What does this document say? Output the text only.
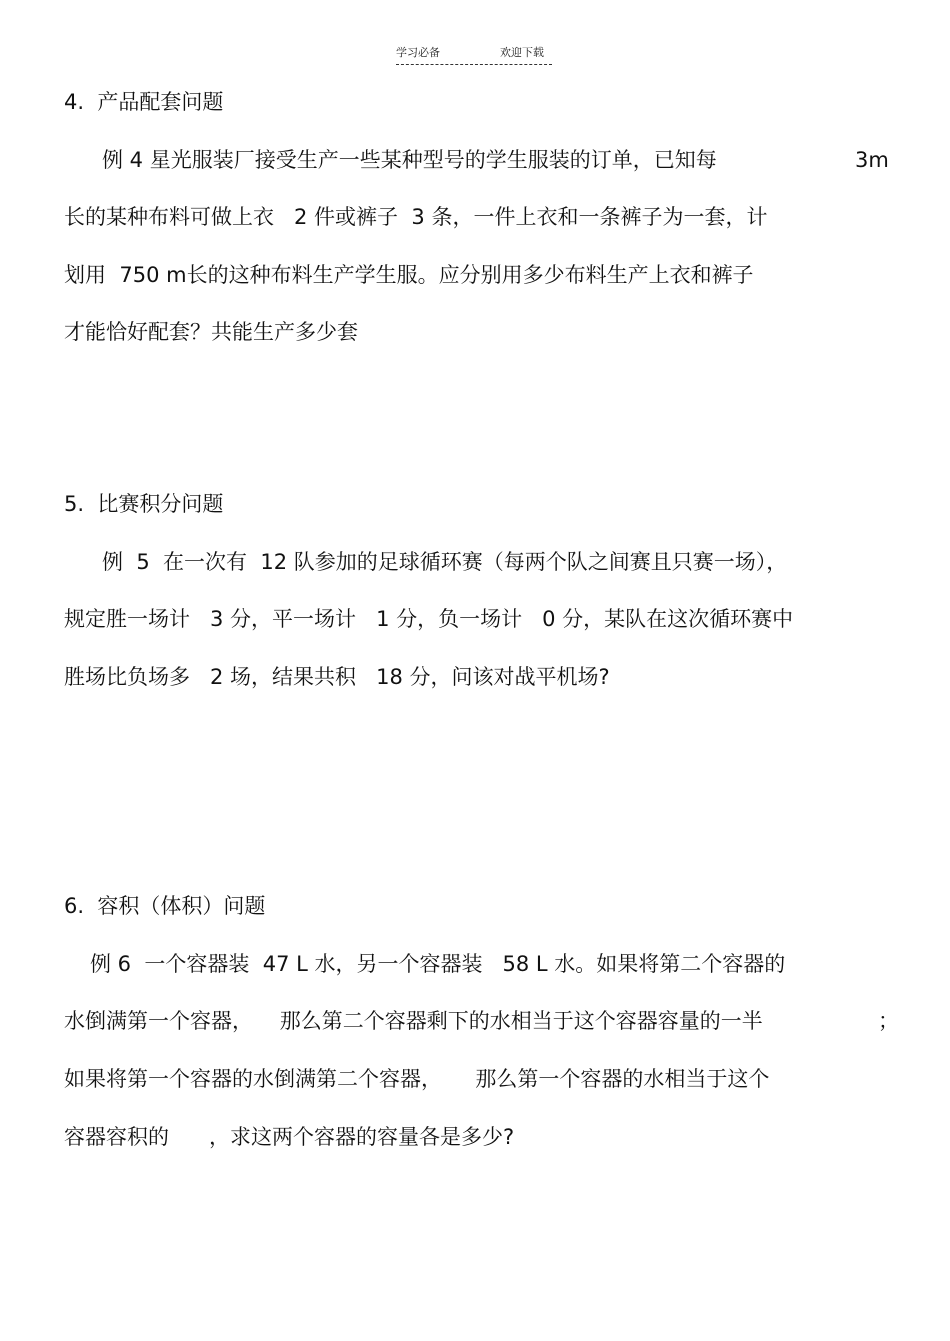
学习必备	欢迎下载
4.  产品配套问题
例 4 星光服装厂接受生产一些某种型号的学生服装的订单，已知每	3m
长的某种布料可做上衣   2 件或裤子  3 条，一件上衣和一条裤子为一套，计
划用  750 m长的这种布料生产学生服。应分别用多少布料生产上衣和裤子
才能恰好配套？共能生产多少套
5.  比赛积分问题
例  5  在一次有  12 队参加的足球循环赛（每两个队之间赛且只赛一场），
规定胜一场计   3 分，平一场计   1 分，负一场计   0 分，某队在这次循环赛中
胜场比负场多   2 场，结果共积   18 分，问该对战平机场?
6.  容积（体积）问题
例 6  一个容器装  47 L 水，另一个容器装   58 L 水。如果将第二个容器的
水倒满第一个容器，    那么第二个容器剩下的水相当于这个容器容量的一半	；
如果将第一个容器的水倒满第二个容器，     那么第一个容器的水相当于这个
容器容积的      ，求这两个容器的容量各是多少?
